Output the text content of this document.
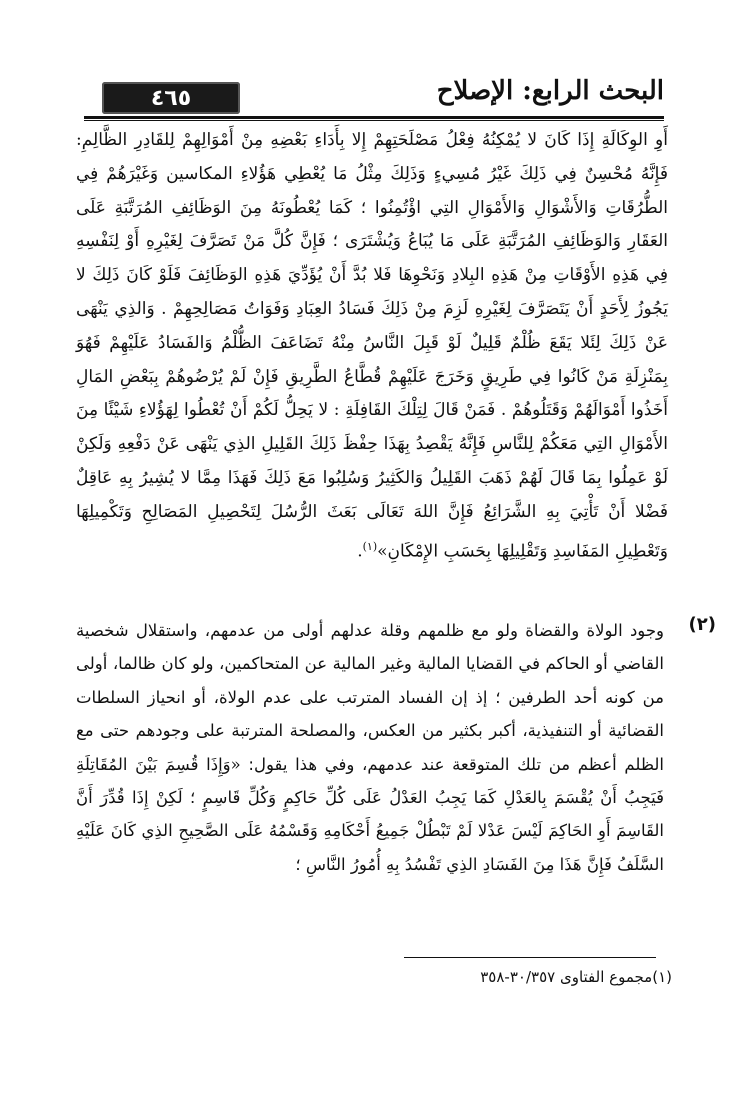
٤٦٥	البحث الرابع: الإصلاح

أَوِ الوِكَالَةِ إِذَا كَانَ لا يُمْكِنُهُ فِعْلُ مَصْلَحَتِهِمْ إِلا بِأَدَاءِ بَعْضِهِ مِنْ أَمْوَالِهِمْ لِلقَادِرِ الظَّالِمِ: فَإِنَّهُ مُحْسِنٌ فِي ذَلِكَ غَيْرُ مُسِيءٍ وَذَلِكَ مِثْلُ مَا يُعْطِي هَؤُلاءِ المكاسين وَغَيْرَهُمْ فِي الطُّرُقَاتِ وَالأَشْوَالِ وَالأَمْوَالِ التِي اؤْتُمِنُوا ؛ كَمَا يُعْطُونَهُ مِنَ الوَظَائِفِ المُرَتَّبَةِ عَلَى العَقَارِ وَالوَظَائِفِ المُرَتَّبَةِ عَلَى مَا يُبَاعُ وَيُشْتَرَى ؛ فَإِنَّ كُلَّ مَنْ تَصَرَّفَ لِغَيْرِهِ أَوْ لِنَفْسِهِ فِي هَذِهِ الأَوْقَاتِ مِنْ هَذِهِ البِلادِ وَنَحْوِهَا فَلا بُدَّ أَنْ يُؤَدِّيَ هَذِهِ الوَظَائِفَ فَلَوْ كَانَ ذَلِكَ لا يَجُوزُ لِأَحَدٍ أَنْ يَتَصَرَّفَ لِغَيْرِهِ لَزِمَ مِنْ ذَلِكَ فَسَادُ العِبَادِ وَفَوَاتُ مَصَالِحِهِمْ . وَالذِي يَنْهَى عَنْ ذَلِكَ لِئَلا يَقَعَ ظُلْمٌ قَلِيلٌ لَوْ قَبِلَ النَّاسُ مِنْهُ تَضَاعَفَ الظُّلْمُ وَالفَسَادُ عَلَيْهِمْ فَهُوَ بِمَنْزِلَةِ مَنْ كَانُوا فِي طَرِيقٍ وَخَرَجَ عَلَيْهِمْ قُطَّاعُ الطَّرِيقِ فَإِنْ لَمْ يُرْضُوهُمْ بِبَعْضِ المَالِ أَخَذُوا أَمْوَالَهُمْ وَقَتَلُوهُمْ . فَمَنْ قَالَ لِتِلْكَ القَافِلَةِ : لا يَحِلُّ لَكُمْ أَنْ تُعْطُوا لِهَؤُلاءِ شَيْئًا مِنَ الأَمْوَالِ التِي مَعَكُمْ لِلنَّاسِ فَإِنَّهُ يَقْصِدُ بِهَذَا حِفْظَ ذَلِكَ القَلِيلِ الذِي يَنْهَى عَنْ دَفْعِهِ وَلَكِنْ لَوْ عَمِلُوا بِمَا قَالَ لَهُمْ ذَهَبَ القَلِيلُ وَالكَثِيرُ وَسُلِبُوا مَعَ ذَلِكَ فَهَذَا مِمَّا لا يُشِيرُ بِهِ عَاقِلٌ فَضْلا أَنْ تَأْتِيَ بِهِ الشَّرَائِعُ فَإِنَّ اللهَ تَعَالَى بَعَثَ الرُّسُلَ لِتَحْصِيلِ المَصَالِحِ وَتَكْمِيلِهَا وَتَعْطِيلِ المَفَاسِدِ وَتَقْلِيلِهَا بِحَسَبِ الإِمْكَانِ»$^{(١)}$.

(٢)

وجود الولاة والقضاة ولو مع ظلمهم وقلة عدلهم أولى من عدمهم، واستقلال شخصية القاضي أو الحاكم في القضايا المالية وغير المالية عن المتحاكمين، ولو كان ظالما، أولى من كونه أحد الطرفين ؛ إذ إن الفساد المترتب على عدم الولاة، أو انحياز السلطات القضائية أو التنفيذية، أكبر بكثير من العكس، والمصلحة المترتبة على وجودهم حتى مع الظلم أعظم من تلك المتوقعة عند عدمهم، وفي هذا يقول: «وَإِذَا قُسِمَ بَيْنَ المُقَاتِلَةِ فَيَجِبُ أَنْ يُقْسَمَ بِالعَدْلِ كَمَا يَجِبُ العَدْلُ عَلَى كُلِّ حَاكِمٍ وَكُلِّ قَاسِمٍ ؛ لَكِنْ إِذَا قُدِّرَ أَنَّ القَاسِمَ أَوِ الحَاكِمَ لَيْسَ عَدْلا لَمْ تَبْطُلْ جَمِيعُ أَحْكَامِهِ وَقَسْمُهُ عَلَى الصَّحِيحِ الذِي كَانَ عَلَيْهِ السَّلَفُ فَإِنَّ هَذَا مِنَ الفَسَادِ الذِي تَفْسُدُ بِهِ أُمُورُ النَّاسِ ؛

(١)مجموع الفتاوى ٣٠/٣٥٧-٣٥٨
